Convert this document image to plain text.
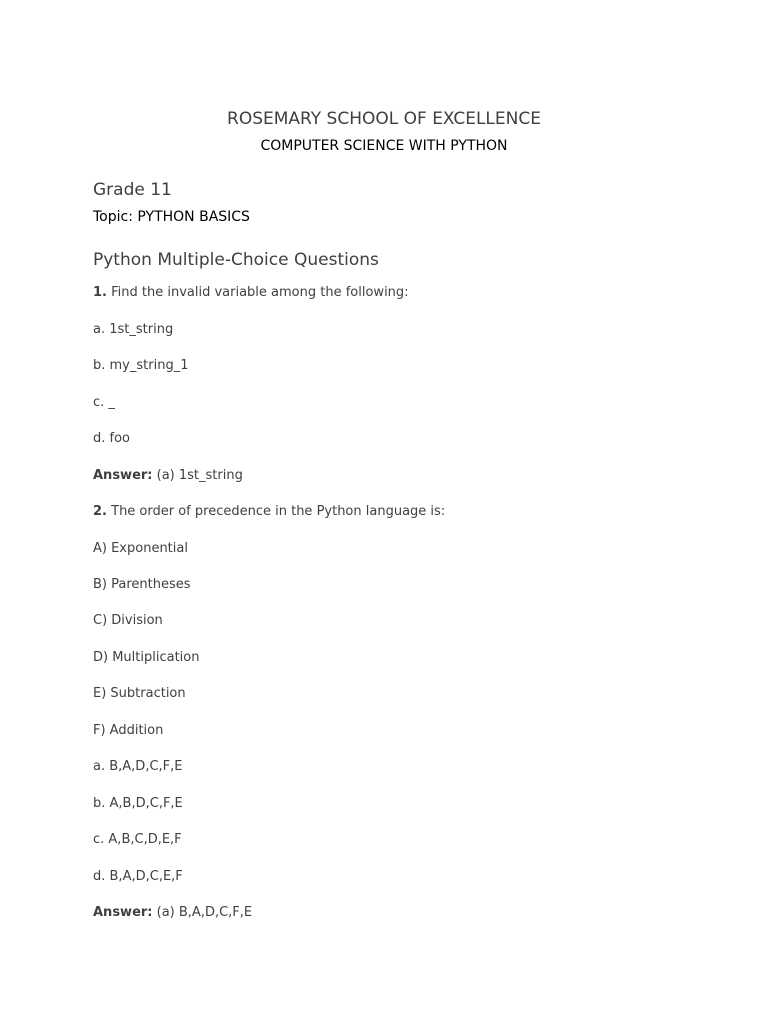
ROSEMARY SCHOOL OF EXCELLENCE
COMPUTER SCIENCE WITH PYTHON
Grade 11
Topic: PYTHON BASICS
Python Multiple-Choice Questions
1. Find the invalid variable among the following:
a. 1st_string
b. my_string_1
c. _
d. foo
Answer: (a) 1st_string
2. The order of precedence in the Python language is:
A) Exponential
B) Parentheses
C) Division
D) Multiplication
E) Subtraction
F) Addition
a. B,A,D,C,F,E
b. A,B,D,C,F,E
c. A,B,C,D,E,F
d. B,A,D,C,E,F
Answer: (a) B,A,D,C,F,E
